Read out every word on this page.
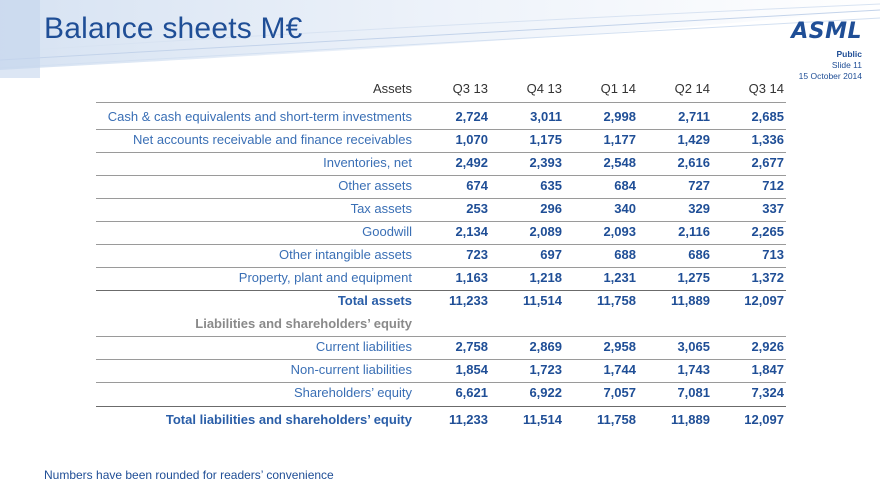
Balance sheets M€	ASML
Public
Slide 11
15 October 2014
Assets	Q3 13	Q4 13	Q1 14	Q2 14	Q3 14
Cash & cash equivalents and short-term investments	2,724	3,011	2,998	2,711	2,685
Net accounts receivable and finance receivables	1,070	1,175	1,177	1,429	1,336
Inventories, net	2,492	2,393	2,548	2,616	2,677
Other assets	674	635	684	727	712
Tax assets	253	296	340	329	337
Goodwill	2,134	2,089	2,093	2,116	2,265
Other intangible assets	723	697	688	686	713
Property, plant and equipment	1,163	1,218	1,231	1,275	1,372
Total assets	11,233	11,514	11,758	11,889	12,097
Liabilities and shareholders’ equity
Current liabilities	2,758	2,869	2,958	3,065	2,926
Non-current liabilities	1,854	1,723	1,744	1,743	1,847
Shareholders’ equity	6,621	6,922	7,057	7,081	7,324
Total liabilities and shareholders’ equity	11,233	11,514	11,758	11,889	12,097
Numbers have been rounded for readers’ convenience
